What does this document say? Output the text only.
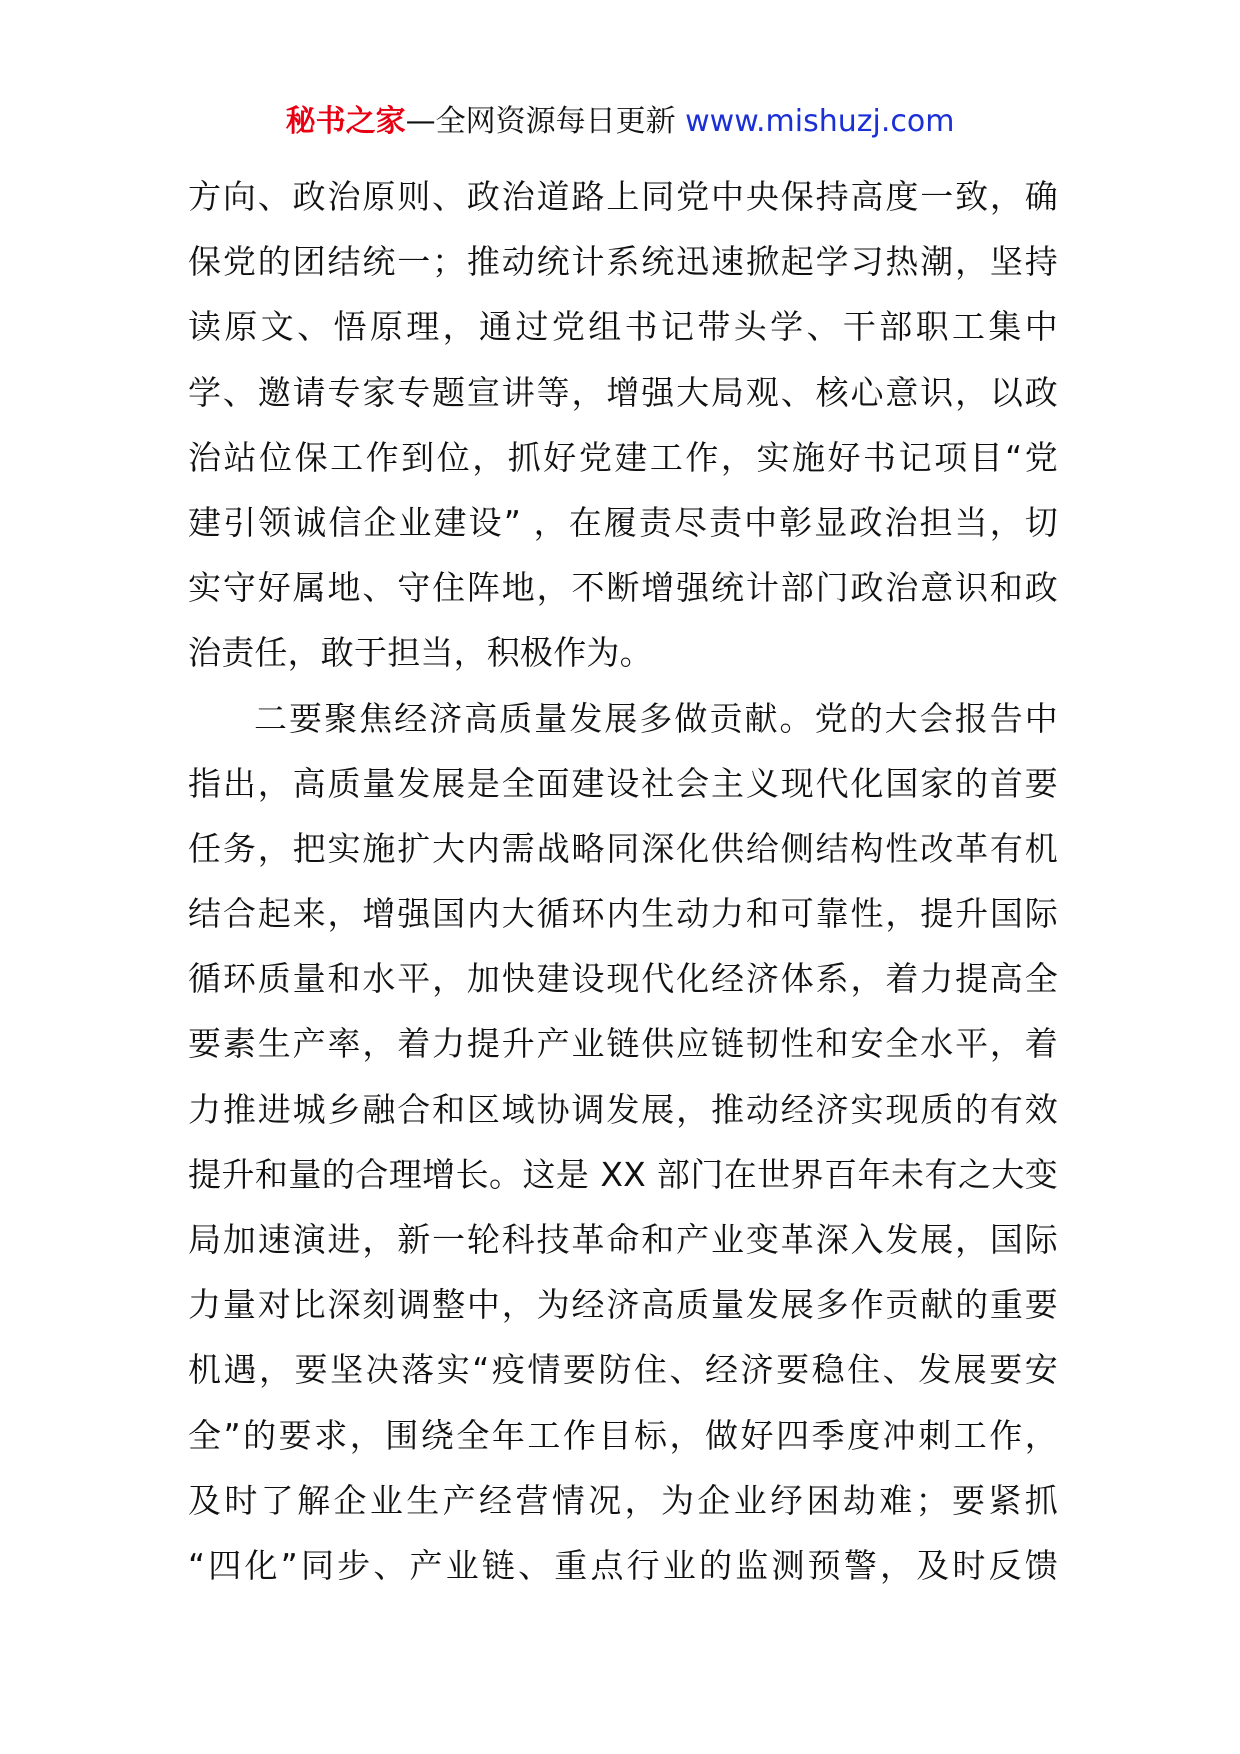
秘书之家—全网资源每日更新 www.mishuzj.com
方向、政治原则、政治道路上同党中央保持高度一致，确
保党的团结统一；推动统计系统迅速掀起学习热潮，坚持
读原文、悟原理，通过党组书记带头学、干部职工集中
学、邀请专家专题宣讲等，增强大局观、核心意识，以政
治站位保工作到位，抓好党建工作，实施好书记项目“党
建引领诚信企业建设” ，在履责尽责中彰显政治担当，切
实守好属地、守住阵地，不断增强统计部门政治意识和政
治责任，敢于担当，积极作为。
二要聚焦经济高质量发展多做贡献。党的大会报告中
指出，高质量发展是全面建设社会主义现代化国家的首要
任务，把实施扩大内需战略同深化供给侧结构性改革有机
结合起来，增强国内大循环内生动力和可靠性，提升国际
循环质量和水平，加快建设现代化经济体系，着力提高全
要素生产率，着力提升产业链供应链韧性和安全水平，着
力推进城乡融合和区域协调发展，推动经济实现质的有效
提升和量的合理增长。这是 XX 部门在世界百年未有之大变
局加速演进，新一轮科技革命和产业变革深入发展，国际
力量对比深刻调整中，为经济高质量发展多作贡献的重要
机遇，要坚决落实“疫情要防住、经济要稳住、发展要安
全”的要求，围绕全年工作目标，做好四季度冲刺工作，
及时了解企业生产经营情况，为企业纾困劫难；要紧抓
“四化”同步、产业链、重点行业的监测预警，及时反馈
